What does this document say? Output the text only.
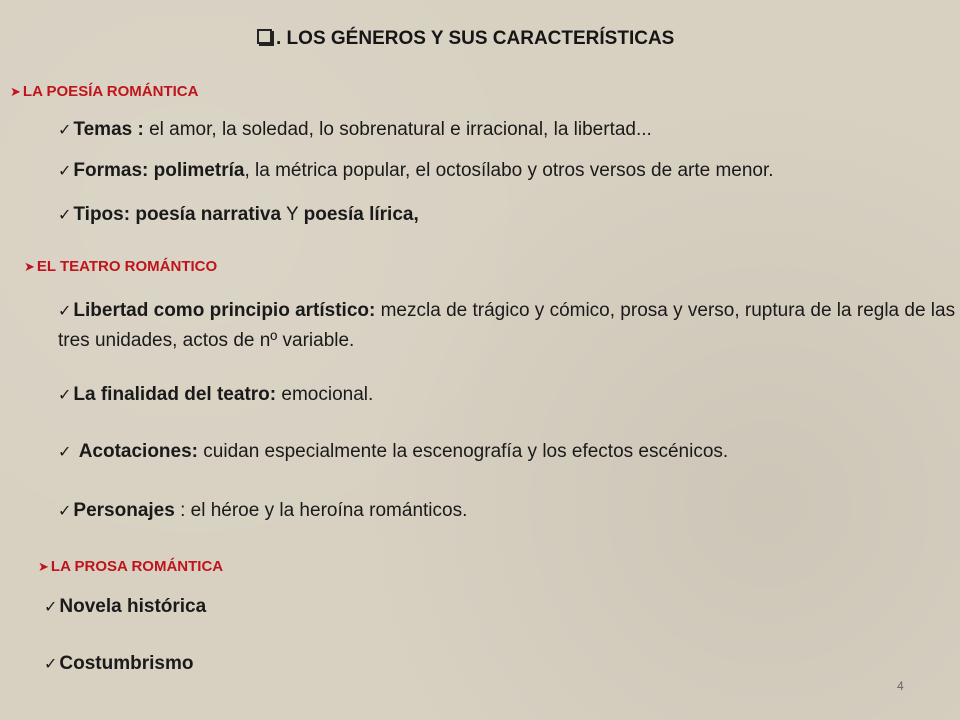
. LOS GÉNEROS Y SUS CARACTERÍSTICAS
➤ LA POESÍA ROMÁNTICA
✓ Temas : el amor, la soledad, lo sobrenatural e irracional, la libertad...
✓ Formas: polimetría, la métrica popular, el octosílabo y otros versos de arte menor.
✓ Tipos: poesía narrativa Y poesía lírica,
➤ EL TEATRO ROMÁNTICO
✓ Libertad como principio artístico: mezcla de trágico y cómico, prosa y verso, ruptura de la regla de las tres unidades, actos de nº variable.
✓ La finalidad del teatro: emocional.
✓ Acotaciones: cuidan especialmente la escenografía y los efectos escénicos.
✓ Personajes : el héroe y la heroína románticos.
➤ LA PROSA ROMÁNTICA
✓ Novela histórica
✓ Costumbrismo
4
